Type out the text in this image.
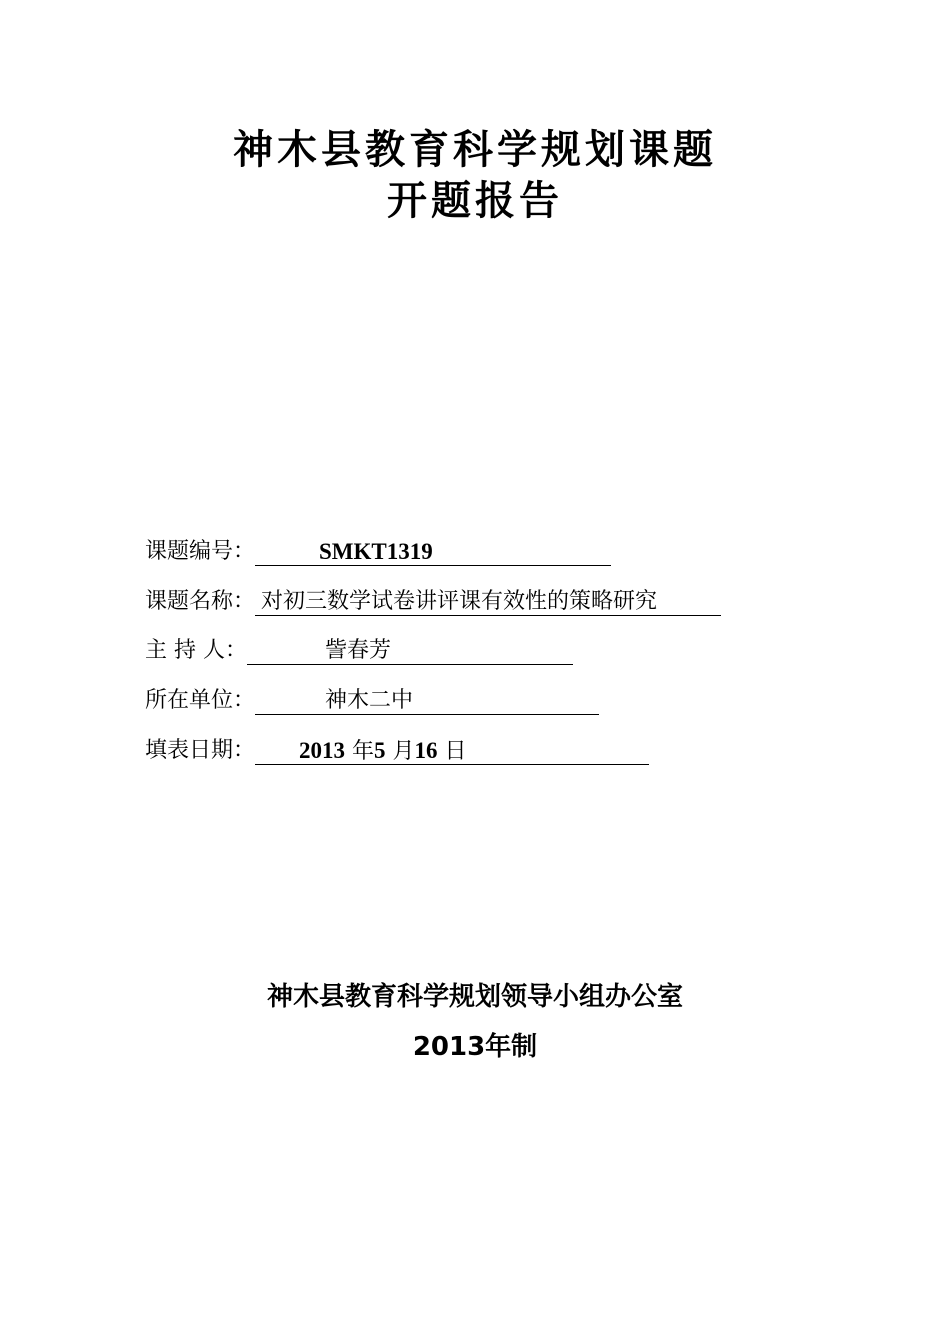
神木县教育科学规划课题
开题报告
课题编号：	SMKT1319
课题名称： 对初三数学试卷讲评课有效性的策略研究
主 持 人：	訾春芳
所在单位：	神木二中
填表日期： 2013 年5 月16 日
神木县教育科学规划领导小组办公室
2013年制
